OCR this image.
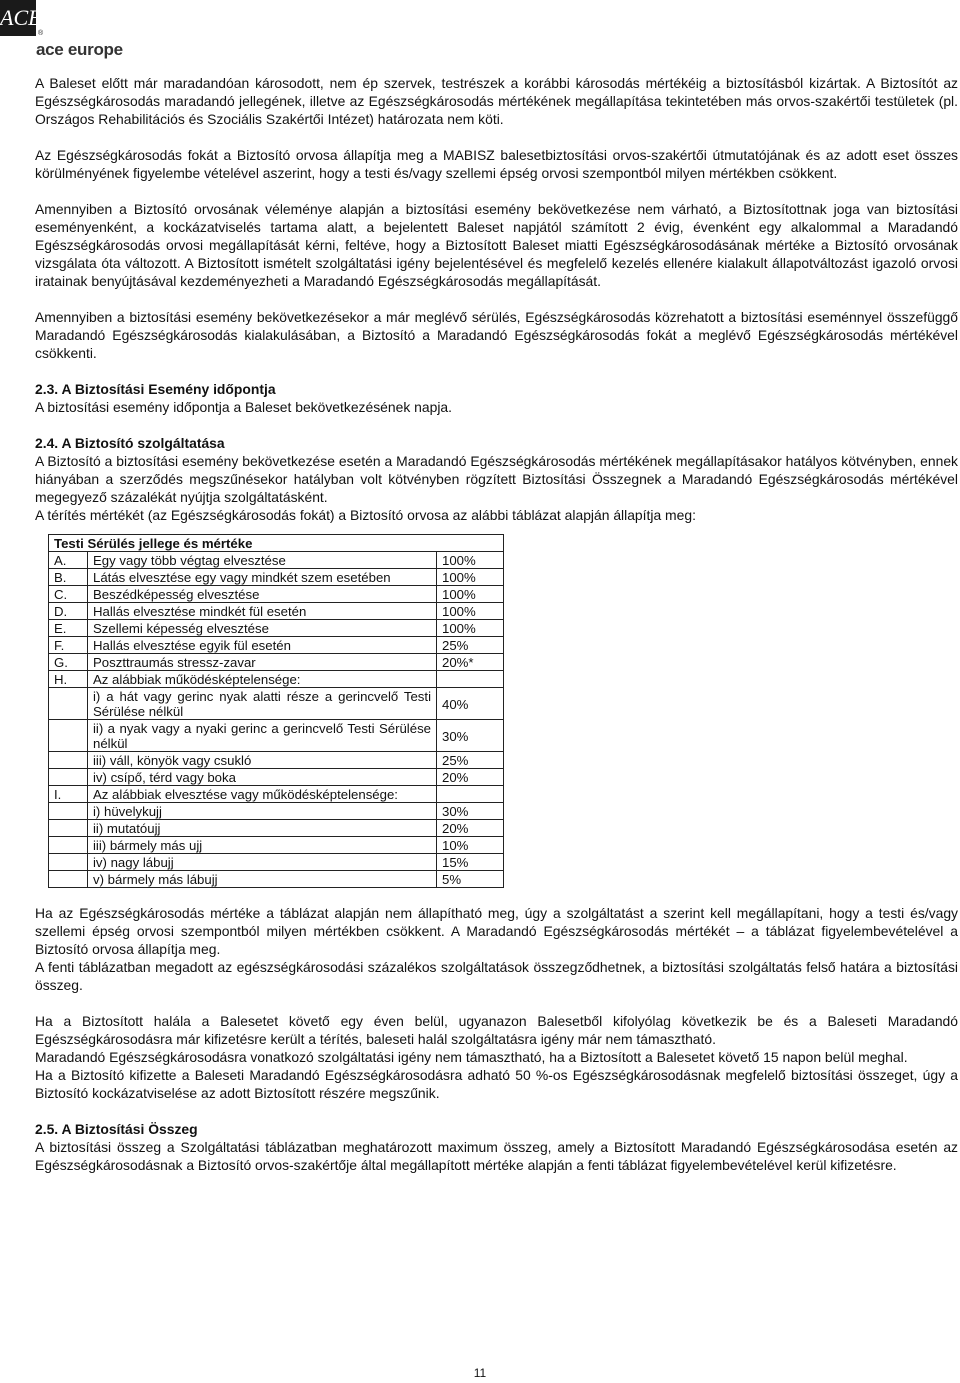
ACE
®
ace europe

A Baleset előtt már maradandóan károsodott, nem ép szervek, testrészek a korábbi károsodás mértékéig a biztosításból kizártak. A Biztosítót az Egészségkárosodás maradandó jellegének, illetve az Egészségkárosodás mértékének megállapítása tekintetében más orvos-szakértői testületek (pl. Országos Rehabilitációs és Szociális Szakértői Intézet) határozata nem köti.

Az Egészségkárosodás fokát a Biztosító orvosa állapítja meg a MABISZ balesetbiztosítási orvos-szakértői útmutatójának és az adott eset összes körülményének figyelembe vételével aszerint, hogy a testi és/vagy szellemi épség orvosi szempontból milyen mértékben csökkent.

Amennyiben a Biztosító orvosának véleménye alapján a biztosítási esemény bekövetkezése nem várható, a Biztosítottnak joga van biztosítási eseményenként, a kockázatviselés tartama alatt, a bejelentett Baleset napjától számított 2 évig, évenként egy alkalommal a Maradandó Egészségkárosodás orvosi megállapítását kérni, feltéve, hogy a Biztosított Baleset miatti Egészségkárosodásának mértéke a Biztosító orvosának vizsgálata óta változott. A Biztosított ismételt szolgáltatási igény bejelentésével és megfelelő kezelés ellenére kialakult állapotváltozást igazoló orvosi iratainak benyújtásával kezdeményezheti a Maradandó Egészségkárosodás megállapítását.

Amennyiben a biztosítási esemény bekövetkezésekor a már meglévő sérülés, Egészségkárosodás közrehatott a biztosítási eseménnyel összefüggő Maradandó Egészségkárosodás kialakulásában, a Biztosító a Maradandó Egészségkárosodás fokát a meglévő Egészségkárosodás mértékével csökkenti.

2.3. A Biztosítási Esemény időpontja

A biztosítási esemény időpontja a Baleset bekövetkezésének napja.

2.4. A Biztosító szolgáltatása

A Biztosító a biztosítási esemény bekövetkezése esetén a Maradandó Egészségkárosodás mértékének megállapításakor hatályos kötvényben, ennek hiányában a szerződés megszűnésekor hatályban volt kötvényben rögzített Biztosítási Összegnek a Maradandó Egészségkárosodás mértékével megegyező százalékát nyújtja szolgáltatásként.

A térítés mértékét (az Egészségkárosodás fokát) a Biztosító orvosa az alábbi táblázat alapján állapítja meg:

Testi Sérülés jellege és mértéke		
A.	Egy vagy több végtag elvesztése	100%
B.	Látás elvesztése egy vagy mindkét szem esetében	100%
C.	Beszédképesség elvesztése	100%
D.	Hallás elvesztése mindkét fül esetén	100%
E.	Szellemi képesség elvesztése	100%
F.	Hallás elvesztése egyik fül esetén	25%
G.	Poszttraumás stressz-zavar	20%*
H.	Az alábbiak működésképtelensége:	
	i) a hát vagy gerinc nyak alatti része a gerincvelő Testi Sérülése nélkül	40%
	ii) a nyak vagy a nyaki gerinc a gerincvelő Testi Sérülése nélkül	30%
	iii) váll, könyök vagy csukló	25%
	iv) csípő, térd vagy boka	20%
I.	Az alábbiak elvesztése vagy működésképtelensége:	
	i) hüvelykujj	30%
	ii) mutatóujj	20%
	iii) bármely más ujj	10%
	iv) nagy lábujj	15%
	v) bármely más lábujj	5%

Ha az Egészségkárosodás mértéke a táblázat alapján nem állapítható meg, úgy a szolgáltatást a szerint kell megállapítani, hogy a testi és/vagy szellemi épség orvosi szempontból milyen mértékben csökkent. A Maradandó Egészségkárosodás mértékét – a táblázat figyelembevételével a Biztosító orvosa állapítja meg.

A fenti táblázatban megadott az egészségkárosodási százalékos szolgáltatások összegződhetnek, a biztosítási szolgáltatás felső határa a biztosítási összeg.

Ha a Biztosított halála a Balesetet követő egy éven belül, ugyanazon Balesetből kifolyólag következik be és a Baleseti Maradandó Egészségkárosodásra már kifizetésre került a térítés, baleseti halál szolgáltatásra igény már nem támasztható.

Maradandó Egészségkárosodásra vonatkozó szolgáltatási igény nem támasztható, ha a Biztosított a Balesetet követő 15 napon belül meghal.

Ha a Biztosító kifizette a Baleseti Maradandó Egészségkárosodásra adható 50 %-os Egészségkárosodásnak megfelelő biztosítási összeget, úgy a Biztosító kockázatviselése az adott Biztosított részére megszűnik.

2.5. A Biztosítási Összeg

A biztosítási összeg a Szolgáltatási táblázatban meghatározott maximum összeg, amely a Biztosított Maradandó Egészségkárosodása esetén az Egészségkárosodásnak a Biztosító orvos-szakértője által megállapított mértéke alapján a fenti táblázat figyelembevételével kerül kifizetésre.

11
